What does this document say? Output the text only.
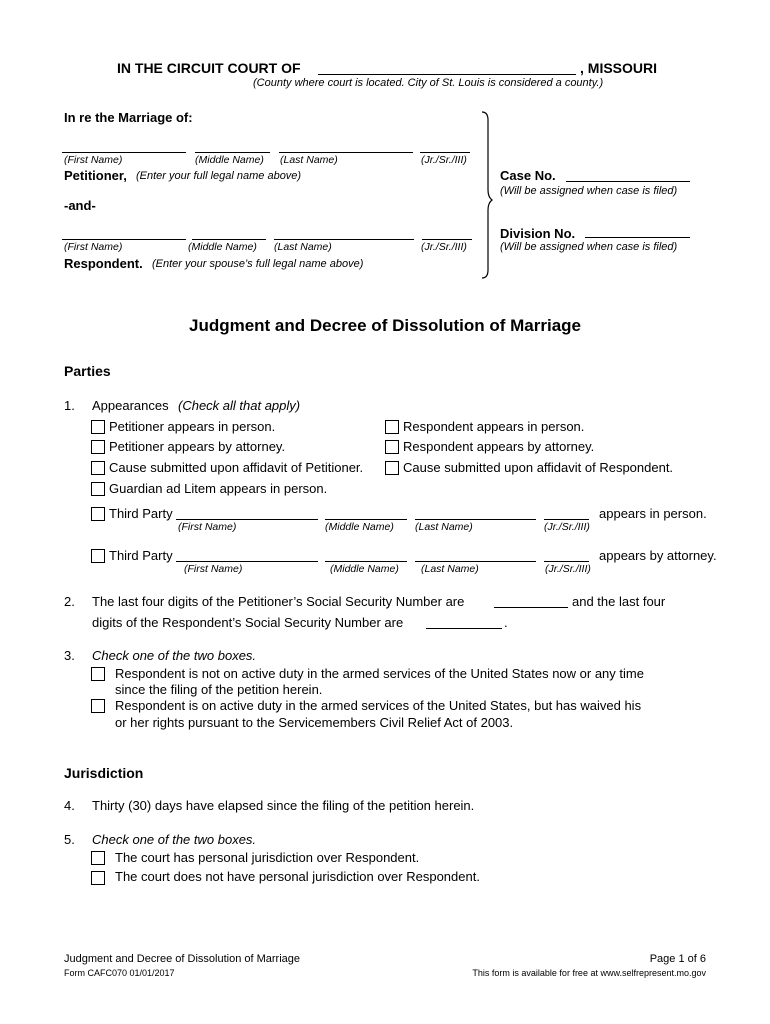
IN THE CIRCUIT COURT OF	, MISSOURI
(County where court is located. City of St. Louis is considered a county.)
In re the Marriage of:
(First Name)	(Middle Name) (Last Name)	(Jr./Sr./III)
Petitioner, (Enter your full legal name above)
-and-
(First Name)	(Middle Name) (Last Name)	(Jr./Sr./III)
Respondent. (Enter your spouse’s full legal name above)
Case No.
(Will be assigned when case is filed)
Division No.
(Will be assigned when case is filed)
Judgment and Decree of Dissolution of Marriage
Parties
1. Appearances (Check all that apply)
Petitioner appears in person.
Petitioner appears by attorney.
Cause submitted upon affidavit of Petitioner.
Respondent appears in person.
Respondent appears by attorney.
Cause submitted upon affidavit of Respondent.
Guardian ad Litem appears in person.
Third Party	appears in person.
(First Name)	(Middle Name) (Last Name)	(Jr./Sr./III)
Third Party	appears by attorney.
(First Name)	(Middle Name) (Last Name)	(Jr./Sr./III)
2. The last four digits of the Petitioner’s Social Security Number are	and the last four
digits of the Respondent’s Social Security Number are	.
3. Check one of the two boxes.
Respondent is not on active duty in the armed services of the United States now or any time
since the filing of the petition herein.
Respondent is on active duty in the armed services of the United States, but has waived his
or her rights pursuant to the Servicemembers Civil Relief Act of 2003.
Jurisdiction
4. Thirty (30) days have elapsed since the filing of the petition herein.
5. Check one of the two boxes.
The court has personal jurisdiction over Respondent.
The court does not have personal jurisdiction over Respondent.
Judgment and Decree of Dissolution of Marriage
Form CAFC070 01/01/2017
Page 1 of 6
This form is available for free at www.selfrepresent.mo.gov
